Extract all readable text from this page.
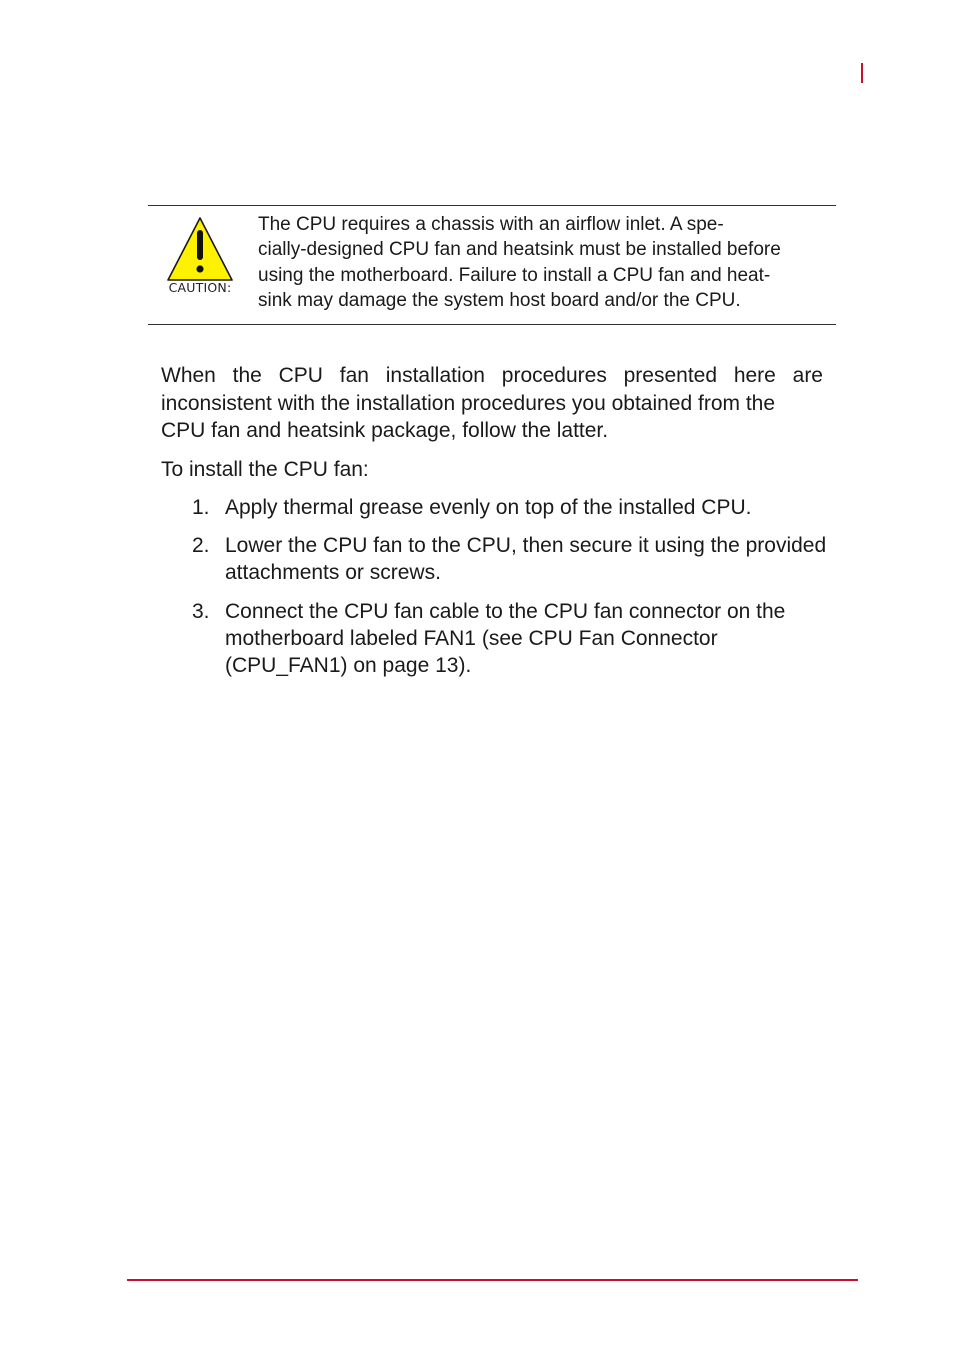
CAUTION:
The CPU requires a chassis with an airflow inlet. A spe-
cially-designed CPU fan and heatsink must be installed before
using the motherboard. Failure to install a CPU fan and heat-
sink may damage the system host board and/or the CPU.
When the CPU fan installation procedures presented here are
inconsistent with the installation procedures you obtained from the
CPU fan and heatsink package, follow the latter.
To install the CPU fan:
1. Apply thermal grease evenly on top of the installed CPU.
2. Lower the CPU fan to the CPU, then secure it using the provided
attachments or screws.
3. Connect the CPU fan cable to the CPU fan connector on the
motherboard labeled FAN1 (see CPU Fan Connector
(CPU_FAN1) on page 13).
